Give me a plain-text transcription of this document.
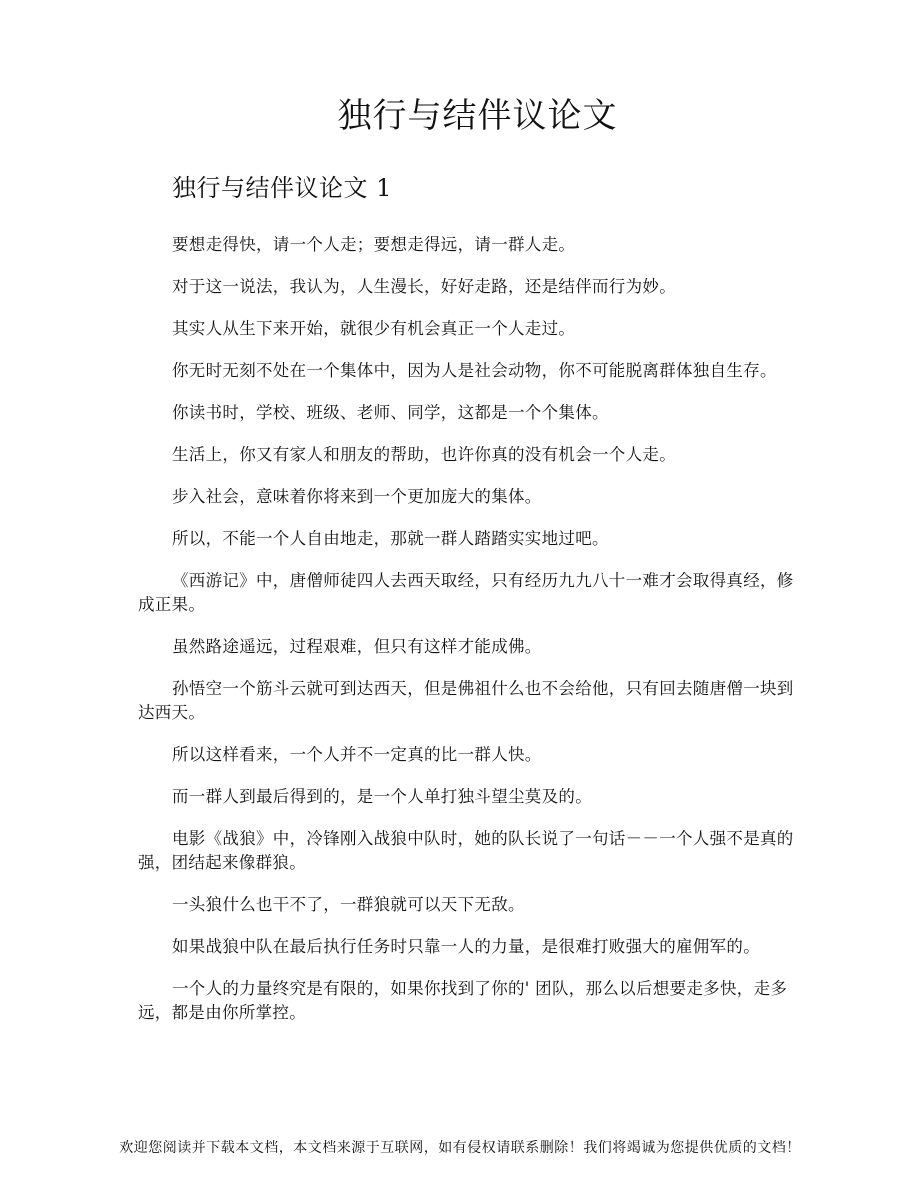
独行与结伴议论文
独行与结伴议论文 1

要想走得快，请一个人走；要想走得远，请一群人走。

对于这一说法，我认为，人生漫长，好好走路，还是结伴而行为妙。

其实人从生下来开始，就很少有机会真正一个人走过。

你无时无刻不处在一个集体中，因为人是社会动物，你不可能脱离群体独自生存。

你读书时，学校、班级、老师、同学，这都是一个个集体。

生活上，你又有家人和朋友的帮助，也许你真的没有机会一个人走。

步入社会，意味着你将来到一个更加庞大的集体。

所以，不能一个人自由地走，那就一群人踏踏实实地过吧。

《西游记》中，唐僧师徒四人去西天取经，只有经历九九八十一难才会取得真经，修成正果。

虽然路途遥远，过程艰难，但只有这样才能成佛。

孙悟空一个筋斗云就可到达西天，但是佛祖什么也不会给他，只有回去随唐僧一块到达西天。

所以这样看来，一个人并不一定真的比一群人快。

而一群人到最后得到的，是一个人单打独斗望尘莫及的。

电影《战狼》中，冷锋刚入战狼中队时，她的队长说了一句话－－一个人强不是真的强，团结起来像群狼。

一头狼什么也干不了，一群狼就可以天下无敌。

如果战狼中队在最后执行任务时只靠一人的力量，是很难打败强大的雇佣军的。

一个人的力量终究是有限的，如果你找到了你的' 团队，那么以后想要走多快，走多远，都是由你所掌控。

欢迎您阅读并下载本文档，本文档来源于互联网，如有侵权请联系删除！我们将竭诚为您提供优质的文档！
